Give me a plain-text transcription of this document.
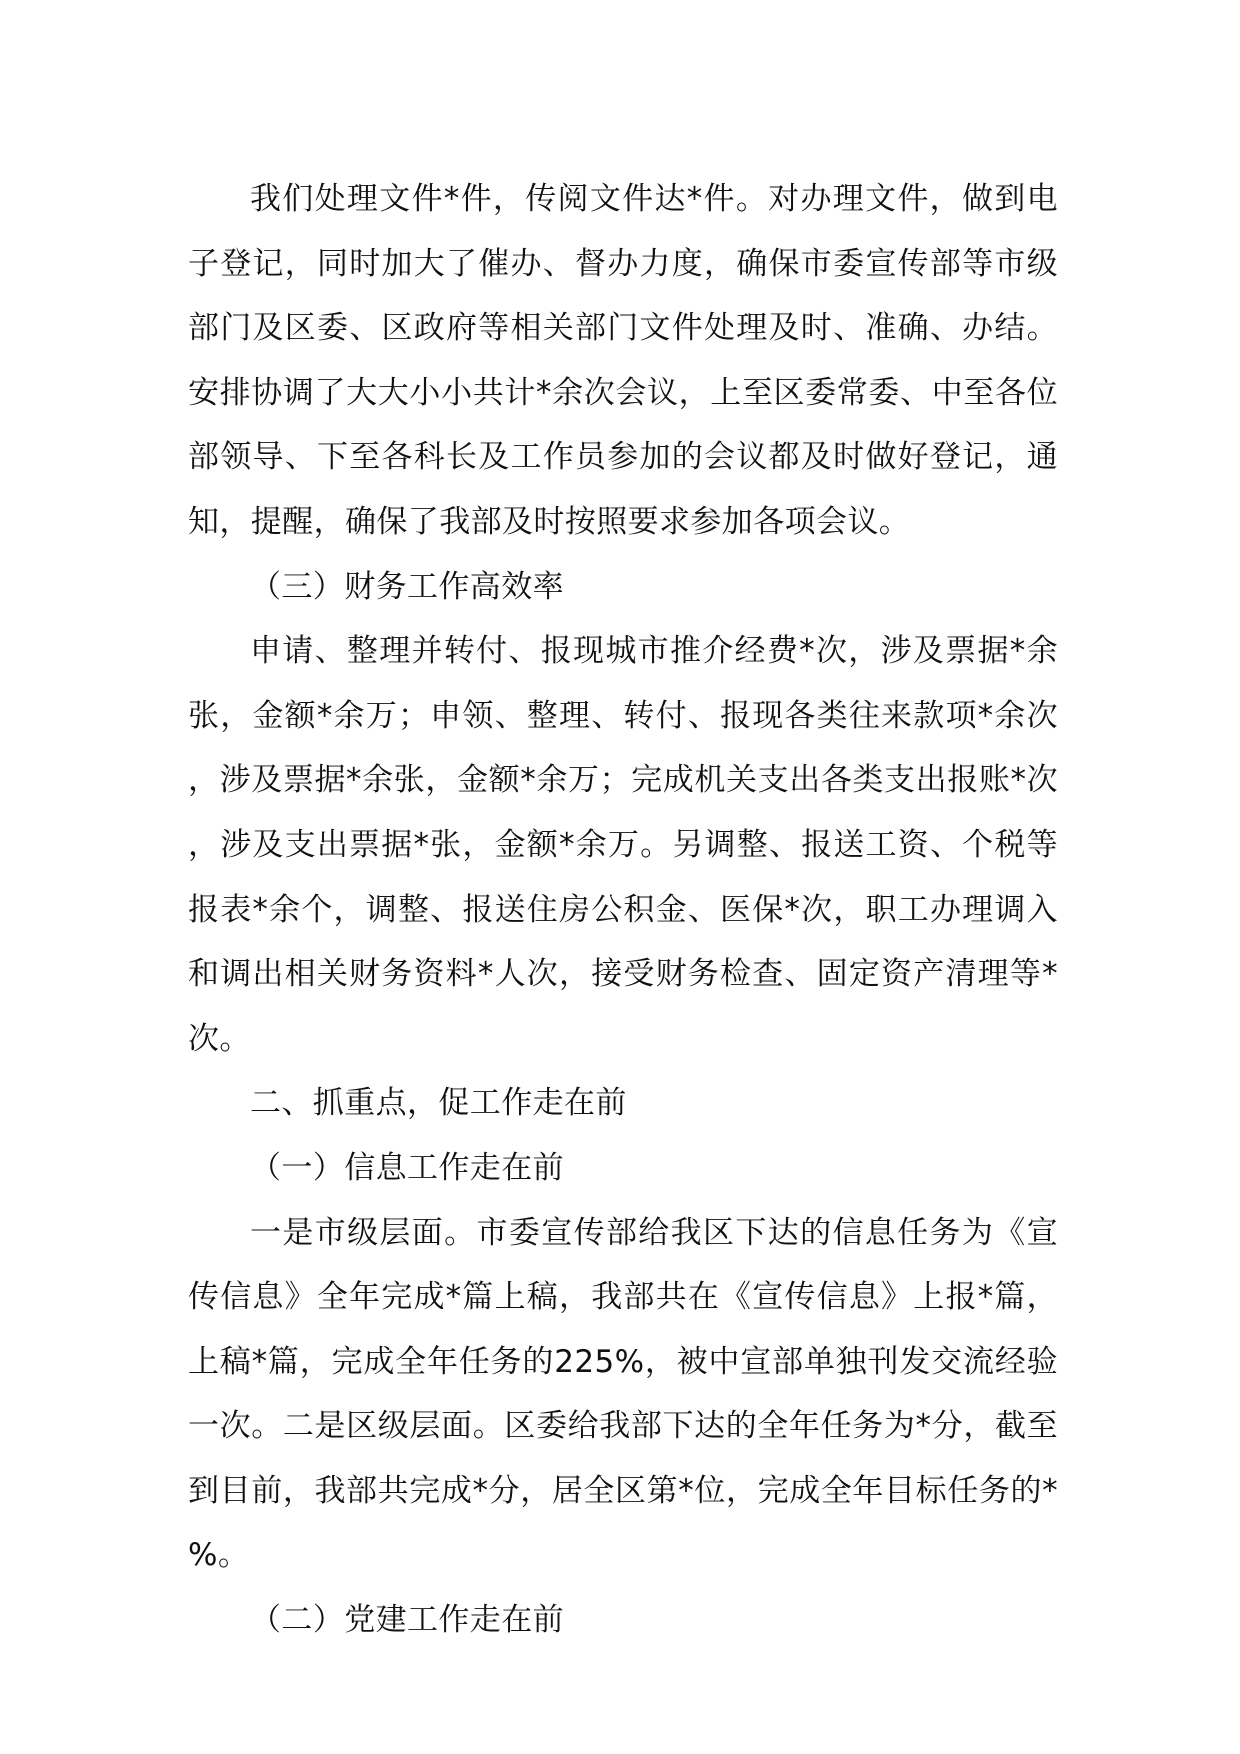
我们处理文件*件，传阅文件达*件。对办理文件，做到电子登记，同时加大了催办、督办力度，确保市委宣传部等市级部门及区委、区政府等相关部门文件处理及时、准确、办结。安排协调了大大小小共计*余次会议，上至区委常委、中至各位部领导、下至各科长及工作员参加的会议都及时做好登记，通知，提醒，确保了我部及时按照要求参加各项会议。

（三）财务工作高效率

申请、整理并转付、报现城市推介经费*次，涉及票据*余张，金额*余万；申领、整理、转付、报现各类往来款项*余次，涉及票据*余张，金额*余万；完成机关支出各类支出报账*次，涉及支出票据*张，金额*余万。另调整、报送工资、个税等报表*余个，调整、报送住房公积金、医保*次，职工办理调入和调出相关财务资料*人次，接受财务检查、固定资产清理等*次。

二、抓重点，促工作走在前

（一）信息工作走在前

一是市级层面。市委宣传部给我区下达的信息任务为《宣传信息》全年完成*篇上稿，我部共在《宣传信息》上报*篇，上稿*篇，完成全年任务的225%，被中宣部单独刊发交流经验一次。二是区级层面。区委给我部下达的全年任务为*分，截至到目前，我部共完成*分，居全区第*位，完成全年目标任务的*%。

（二）党建工作走在前
